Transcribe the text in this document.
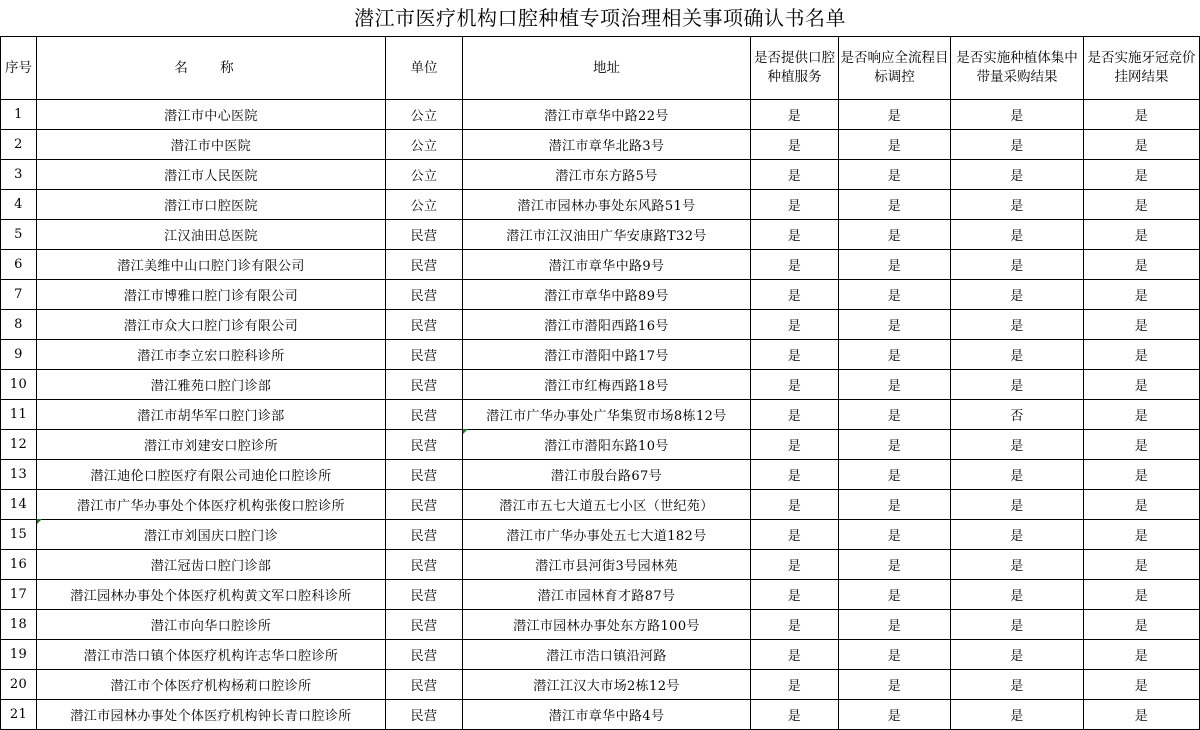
潜江市医疗机构口腔种植专项治理相关事项确认书名单
序号	名 称	单位	地址	是否提供口腔种植服务	是否响应全流程目标调控	是否实施种植体集中带量采购结果	是否实施牙冠竞价挂网结果
1	潜江市中心医院	公立	潜江市章华中路22号	是	是	是	是
2	潜江市中医院	公立	潜江市章华北路3号	是	是	是	是
3	潜江市人民医院	公立	潜江市东方路5号	是	是	是	是
4	潜江市口腔医院	公立	潜江市园林办事处东风路51号	是	是	是	是
5	江汉油田总医院	民营	潜江市江汉油田广华安康路T32号	是	是	是	是
6	潜江美维中山口腔门诊有限公司	民营	潜江市章华中路9号	是	是	是	是
7	潜江市博雅口腔门诊有限公司	民营	潜江市章华中路89号	是	是	是	是
8	潜江市众大口腔门诊有限公司	民营	潜江市潜阳西路16号	是	是	是	是
9	潜江市李立宏口腔科诊所	民营	潜江市潜阳中路17号	是	是	是	是
10	潜江雅苑口腔门诊部	民营	潜江市红梅西路18号	是	是	是	是
11	潜江市胡华军口腔门诊部	民营	潜江市广华办事处广华集贸市场8栋12号	是	是	否	是
12	潜江市刘建安口腔诊所	民营	潜江市潜阳东路10号	是	是	是	是
13	潜江迪伦口腔医疗有限公司迪伦口腔诊所	民营	潜江市殷台路67号	是	是	是	是
14	潜江市广华办事处个体医疗机构张俊口腔诊所	民营	潜江市五七大道五七小区（世纪苑）	是	是	是	是
15	潜江市刘国庆口腔门诊	民营	潜江市广华办事处五七大道182号	是	是	是	是
16	潜江冠齿口腔门诊部	民营	潜江市县河街3号园林苑	是	是	是	是
17	潜江园林办事处个体医疗机构黄文军口腔科诊所	民营	潜江市园林育才路87号	是	是	是	是
18	潜江市向华口腔诊所	民营	潜江市园林办事处东方路100号	是	是	是	是
19	潜江市浩口镇个体医疗机构许志华口腔诊所	民营	潜江市浩口镇沿河路	是	是	是	是
20	潜江市个体医疗机构杨莉口腔诊所	民营	潜江江汉大市场2栋12号	是	是	是	是
21	潜江市园林办事处个体医疗机构钟长青口腔诊所	民营	潜江市章华中路4号	是	是	是	是
